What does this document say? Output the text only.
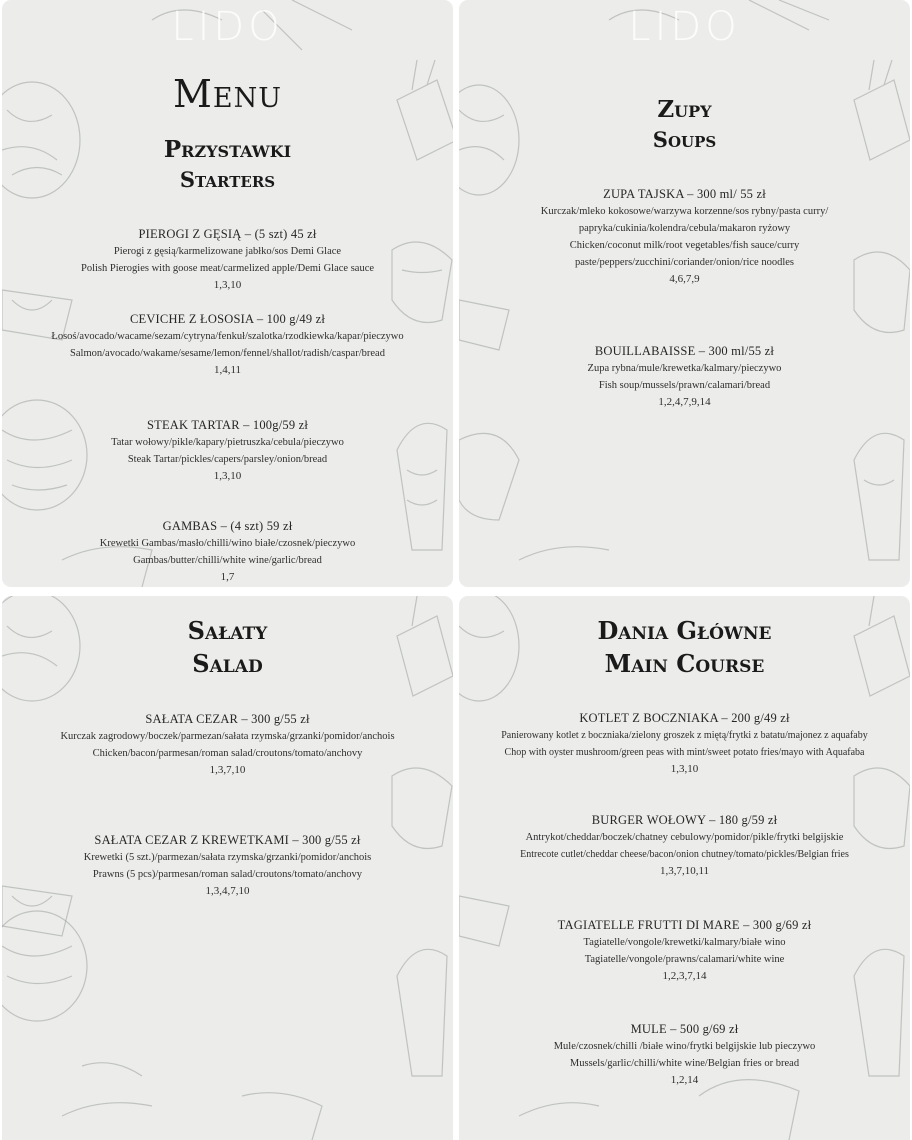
LIDO
Menu
Przystawki
Starters
PIEROGI Z GĘSIĄ – (5 szt) 45 zł
Pierogi z gęsią/karmelizowane jabłko/sos Demi Glace
Polish Pierogies with goose meat/carmelized apple/Demi Glace sauce
1,3,10
CEVICHE Z ŁOSOSIA – 100 g/49 zł
Łosoś/avocado/wacame/sezam/cytryna/fenkuł/szalotka/rzodkiewka/kapar/pieczywo
Salmon/avocado/wakame/sesame/lemon/fennel/shallot/radish/caspar/bread
1,4,11
STEAK TARTAR – 100g/59 zł
Tatar wołowy/pikle/kapary/pietruszka/cebula/pieczywo
Steak Tartar/pickles/capers/parsley/onion/bread
1,3,10
GAMBAS – (4 szt) 59 zł
Krewetki Gambas/masło/chilli/wino białe/czosnek/pieczywo
Gambas/butter/chilli/white wine/garlic/bread
1,7
LIDO
Zupy
Soups
ZUPA TAJSKA – 300 ml/ 55 zł
Kurczak/mleko kokosowe/warzywa korzenne/sos rybny/pasta curry/ papryka/cukinia/kolendra/cebula/makaron ryżowy
Chicken/coconut milk/root vegetables/fish sauce/curry paste/peppers/zucchini/coriander/onion/rice noodles
4,6,7,9
BOUILLABAISSE – 300 ml/55 zł
Zupa rybna/mule/krewetka/kalmary/pieczywo
Fish soup/mussels/prawn/calamari/bread
1,2,4,7,9,14
Sałaty
Salad
SAŁATA CEZAR – 300 g/55 zł
Kurczak zagrodowy/boczek/parmezan/sałata rzymska/grzanki/pomidor/anchois
Chicken/bacon/parmesan/roman salad/croutons/tomato/anchovy
1,3,7,10
SAŁATA CEZAR Z KREWETKAMI – 300 g/55 zł
Krewetki (5 szt.)/parmezan/sałata rzymska/grzanki/pomidor/anchois
Prawns (5 pcs)/parmesan/roman salad/croutons/tomato/anchovy
1,3,4,7,10
Dania Główne
Main Course
KOTLET Z BOCZNIAKA – 200 g/49 zł
Panierowany kotlet z boczniaka/zielony groszek z miętą/frytki z batatu/majonez z aquafaby
Chop with oyster mushroom/green peas with mint/sweet potato fries/mayo with Aquafaba
1,3,10
BURGER WOŁOWY – 180 g/59 zł
Antrykot/cheddar/boczek/chatney cebulowy/pomidor/pikle/frytki belgijskie
Entrecote cutlet/cheddar cheese/bacon/onion chutney/tomato/pickles/Belgian fries
1,3,7,10,11
TAGIATELLE FRUTTI DI MARE – 300 g/69 zł
Tagiatelle/vongole/krewetki/kalmary/białe wino
Tagiatelle/vongole/prawns/calamari/white wine
1,2,3,7,14
MULE – 500 g/69 zł
Mule/czosnek/chilli /białe wino/frytki belgijskie lub pieczywo
Mussels/garlic/chilli/white wine/Belgian fries or bread
1,2,14
